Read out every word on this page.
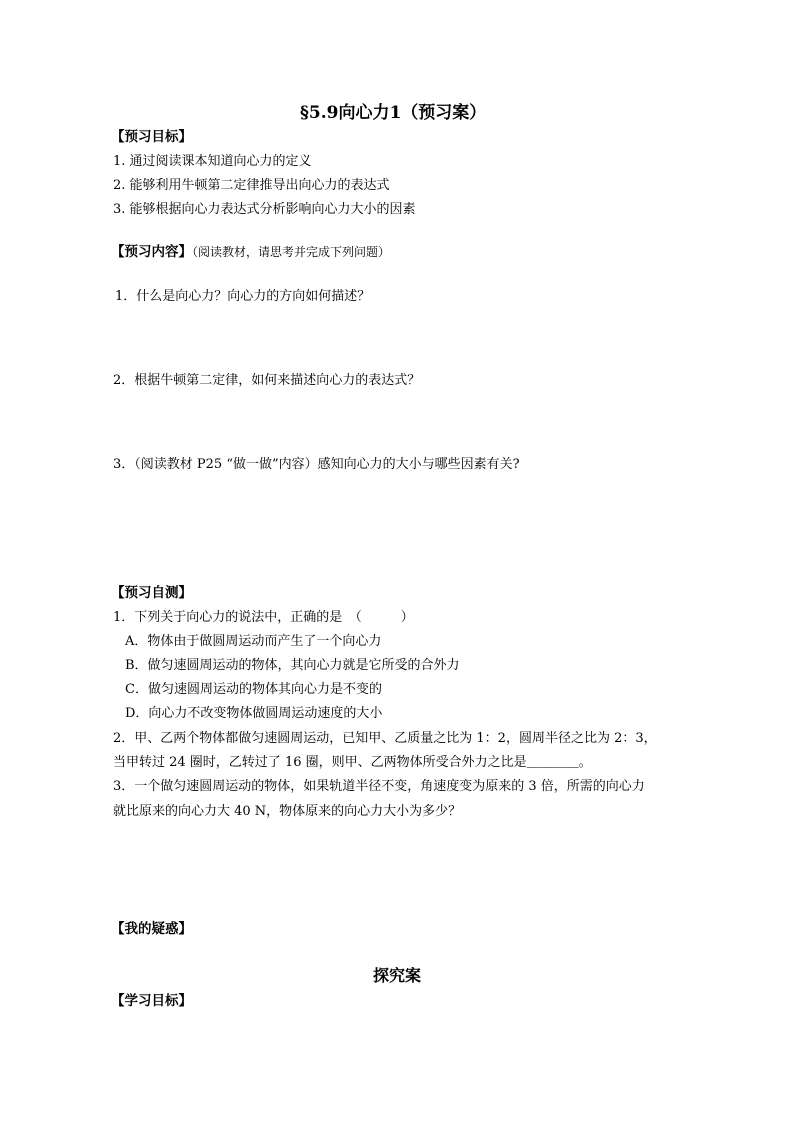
§5.9向心力1（预习案）
【预习目标】
1. 通过阅读课本知道向心力的定义
2. 能够利用牛顿第二定律推导出向心力的表达式
3. 能够根据向心力表达式分析影响向心力大小的因素
【预习内容】（阅读教材，请思考并完成下列问题）
1．什么是向心力？向心力的方向如何描述？
2．根据牛顿第二定律，如何来描述向心力的表达式？
3．（阅读教材 P25 “做一做”内容）感知向心力的大小与哪些因素有关?
【预习自测】
1．下列关于向心力的说法中，正确的是　（　　　）
A．物体由于做圆周运动而产生了一个向心力
B．做匀速圆周运动的物体，其向心力就是它所受的合外力
C．做匀速圆周运动的物体其向心力是不变的
D．向心力不改变物体做圆周运动速度的大小
2．甲、乙两个物体都做匀速圆周运动，已知甲、乙质量之比为 1：2，圆周半径之比为 2：3，
当甲转过 24 圈时，乙转过了 16 圈，则甲、乙两物体所受合外力之比是＿＿＿＿。
3．一个做匀速圆周运动的物体，如果轨道半径不变，角速度变为原来的 3 倍，所需的向心力
就比原来的向心力大 40 N，物体原来的向心力大小为多少？
【我的疑惑】
探究案
【学习目标】
